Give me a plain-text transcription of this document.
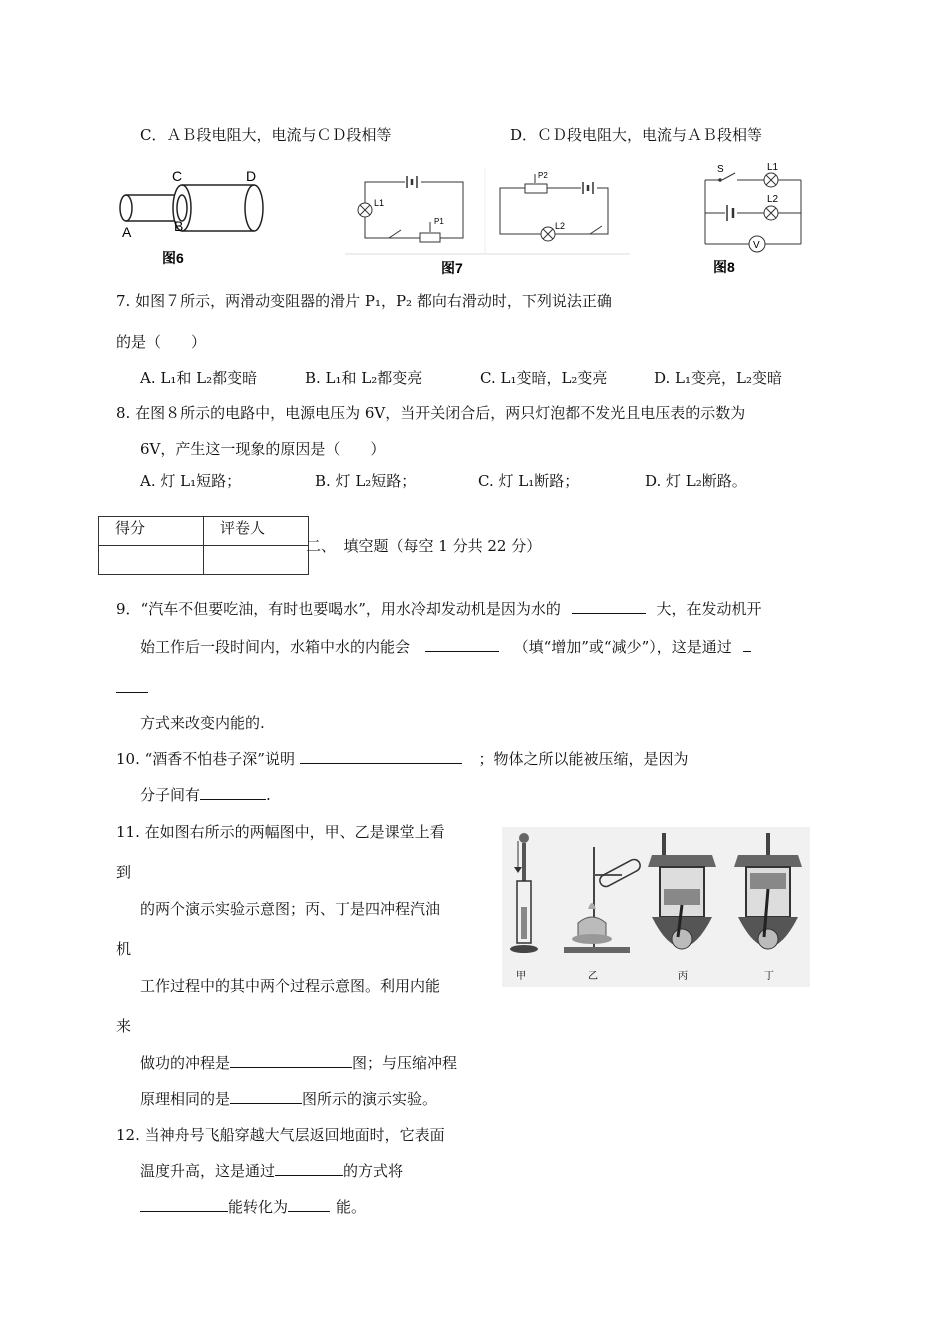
C．ＡＢ段电阻大，电流与ＣＤ段相等	D．ＣＤ段电阻大，电流与ＡＢ段相等
A	B
C	D
图6
L1
P1
P2
L2
图7
S	L1
L2
V
图8
7. 如图７所示，两滑动变阻器的滑片 P₁，P₂ 都向右滑动时，下列说法正确
的是（　　）
A. L₁和 L₂都变暗	B. L₁和 L₂都变亮	C. L₁变暗，L₂变亮	D. L₁变亮，L₂变暗
8. 在图８所示的电路中，电源电压为 6V，当开关闭合后，两只灯泡都不发光且电压表的示数为
6V，产生这一现象的原因是（　　）
A. 灯 L₁短路；	B. 灯 L₂短路；	C. 灯 L₁断路；	D. 灯 L₂断路。
得分	评卷人

二、　填空题（每空 1 分共 22 分）
9．“汽车不但要吃油，有时也要喝水”，用水冷却发动机是因为水的	大，在发动机开
始工作后一段时间内，水箱中水的内能会	（填“增加”或“减少”），这是通过
方式来改变内能的.
10. “酒香不怕巷子深”说明	；物体之所以能被压缩，是因为
分子间有	.
11. 在如图右所示的两幅图中，甲、乙是课堂上看
到
的两个演示实验示意图；丙、丁是四冲程汽油
机
工作过程中的其中两个过程示意图。利用内能
来
做功的冲程是	图；与压缩冲程
原理相同的是	图所示的演示实验。
甲	乙	丙	丁
12. 当神舟号飞船穿越大气层返回地面时，它表面
温度升高，这是通过	的方式将
能转化为	能。
